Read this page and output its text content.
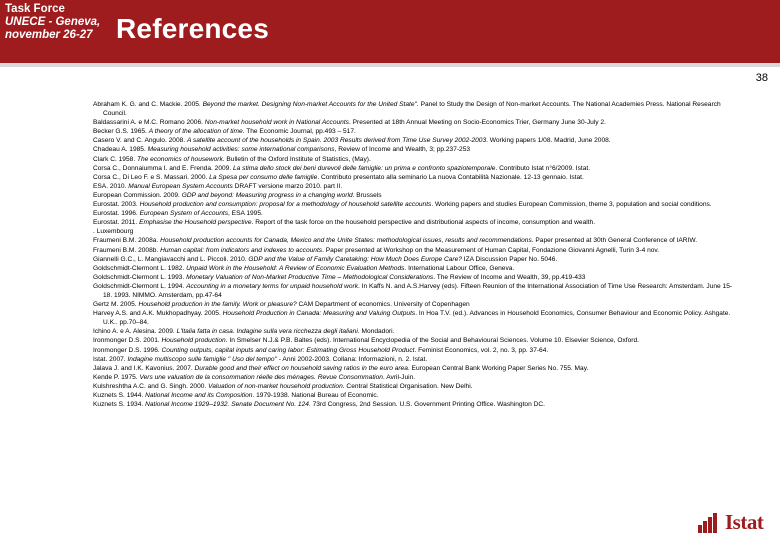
Task Force
UNECE - Geneva,
november 26-27 References
38
Abraham K. G. and C. Mackie. 2005. Beyond the market. Designing Non-market Accounts for the United State". Panel to Study the Design of Non-market Accounts. The National Academies Press. National Research Council.
Baldassarini A. e M.C. Romano 2006. Non-market household work in National Accounts. Presented at 18th Annual Meeting on Socio-Economics Trier, Germany June 30-July 2.
Becker G.S. 1965. A theory of the allocation of time. The Economic Journal, pp.493 – 517.
Casero V. and C. Angulo. 2008. A satellite account of the households in Spain. 2003 Results derived from Time Use Survey 2002-2003. Working papers 1/08. Madrid, June 2008.
Chadeau A. 1985. Measuring household activities: some international comparisons, Review of Income and Wealth, 3; pp.237-253
Clark C. 1958. The economics of housework. Bulletin of the Oxford Institute of Statistics, (May).
Corsa C., Donnaiumma I. and E. Frenda. 2009. La stima dello stock dei beni durevoli delle famiglie: un prima e confronto spaziotemporale. Contributo Istat n°6/2009. Istat.
Corsa C., Di Leo F. e S. Massari. 2000. La Spesa per consumo delle famiglie. Contributo presentato alla seminario La nuova Contabilità Nazionale. 12-13 gennaio. Istat.
ESA. 2010. Manual European System Accounts DRAFT versione marzo 2010. part II.
European Commission. 2009. GDP and beyond: Measuring progress in a changing world. Brussels
Eurostat. 2003. Household production and consumption: proposal for a methodology of household satellite accounts. Working papers and studies European Commission, theme 3, population and social conditions.
Eurostat. 1996. European System of Accounts, ESA 1995.
Eurostat. 2011. Emphasise the Household perspective. Report of the task force on the household perspective and distributional aspects of income, consumption and wealth.
. Luxembourg
Fraumeni B.M. 2008a. Household production accounts for Canada, Mexico and the Unite States: methodological issues, results and recommendations. Paper presented at 30th General Conference of IARIW.
Fraumeni B.M. 2008b. Human capital: from indicators and indexes to accounts. Paper presented at Workshop on the Measurement of Human Capital, Fondazione Giovanni Agnelli, Turin 3-4 nov.
Giannelli G.C., L. Mangiavacchi and L. Piccoli. 2010. GDP and the Value of Family Caretaking: How Much Does Europe Care? IZA Discussion Paper No. 5046.
Goldschmidt-Clermont L. 1982. Unpaid Work in the Household: A Review of Economic Evaluation Methods. International Labour Office, Geneva.
Goldschmidt-Clermont L. 1993. Monetary Valuation of Non-Market Productive Time – Methodological Considerations. The Review of Income and Wealth, 39, pp.419-433
Goldschmidt-Clermont L. 1994. Accounting in a monetary terms for unpaid household work. In Kaffs N. and A.S.Harvey (eds). Fifteen Reunion of the International Association of Time Use Research: Amsterdam. June 15-18. 1993. NIMMO. Amsterdam, pp.47-64
Gertz M. 2005. Household production in the family. Work or pleasure? CAM Department of economics. University of Copenhagen
Harvey A.S. and A.K. Mukhopadhyay. 2005. Household Production in Canada: Measuring and Valuing Outputs. In Hoa T.V. (ed.). Advances in Household Economics, Consumer Behaviour and Economic Policy. Ashgate. U.K.. pp.70–84.
Ichino A. e A. Alesina. 2009. L'Italia fatta in casa. Indagine sulla vera ricchezza degli italiani. Mondadori.
Ironmonger D.S. 2001. Household production. In Smelser N.J.& P.B. Baltes (eds). International Encyclopedia of the Social and Behavioural Sciences. Volume 10. Elsevier Science, Oxford.
Ironmonger D.S. 1996. Counting outputs, capital inputs and caring labor: Estimating Gross Household Product. Feminist Economics, vol. 2, no. 3, pp. 37-64.
Istat. 2007. Indagine multiscopo sulle famiglie " Uso del tempo" - Anni 2002-2003. Collana: Informazioni, n. 2. Istat.
Jalava J. and I.K. Kavonius. 2007. Durable good and their effect on household saving ratios in the euro area. European Central Bank Working Paper Series No. 755. May.
Kende P. 1975. Vers une valuation de la consommation réelle des ménages. Revue Consommation. Avril-Juin.
Kulshreshtha A.C. and G. Singh. 2000. Valuation of non-market household production. Central Statistical Organisation. New Delhi.
Kuznets S. 1944. National Income and its Composition. 1979-1938. National Bureau of Economic.
Kuznets S. 1934. National Income 1929–1932. Senate Document No. 124. 73rd Congress, 2nd Session. U.S. Government Printing Office. Washington DC.
Istat
